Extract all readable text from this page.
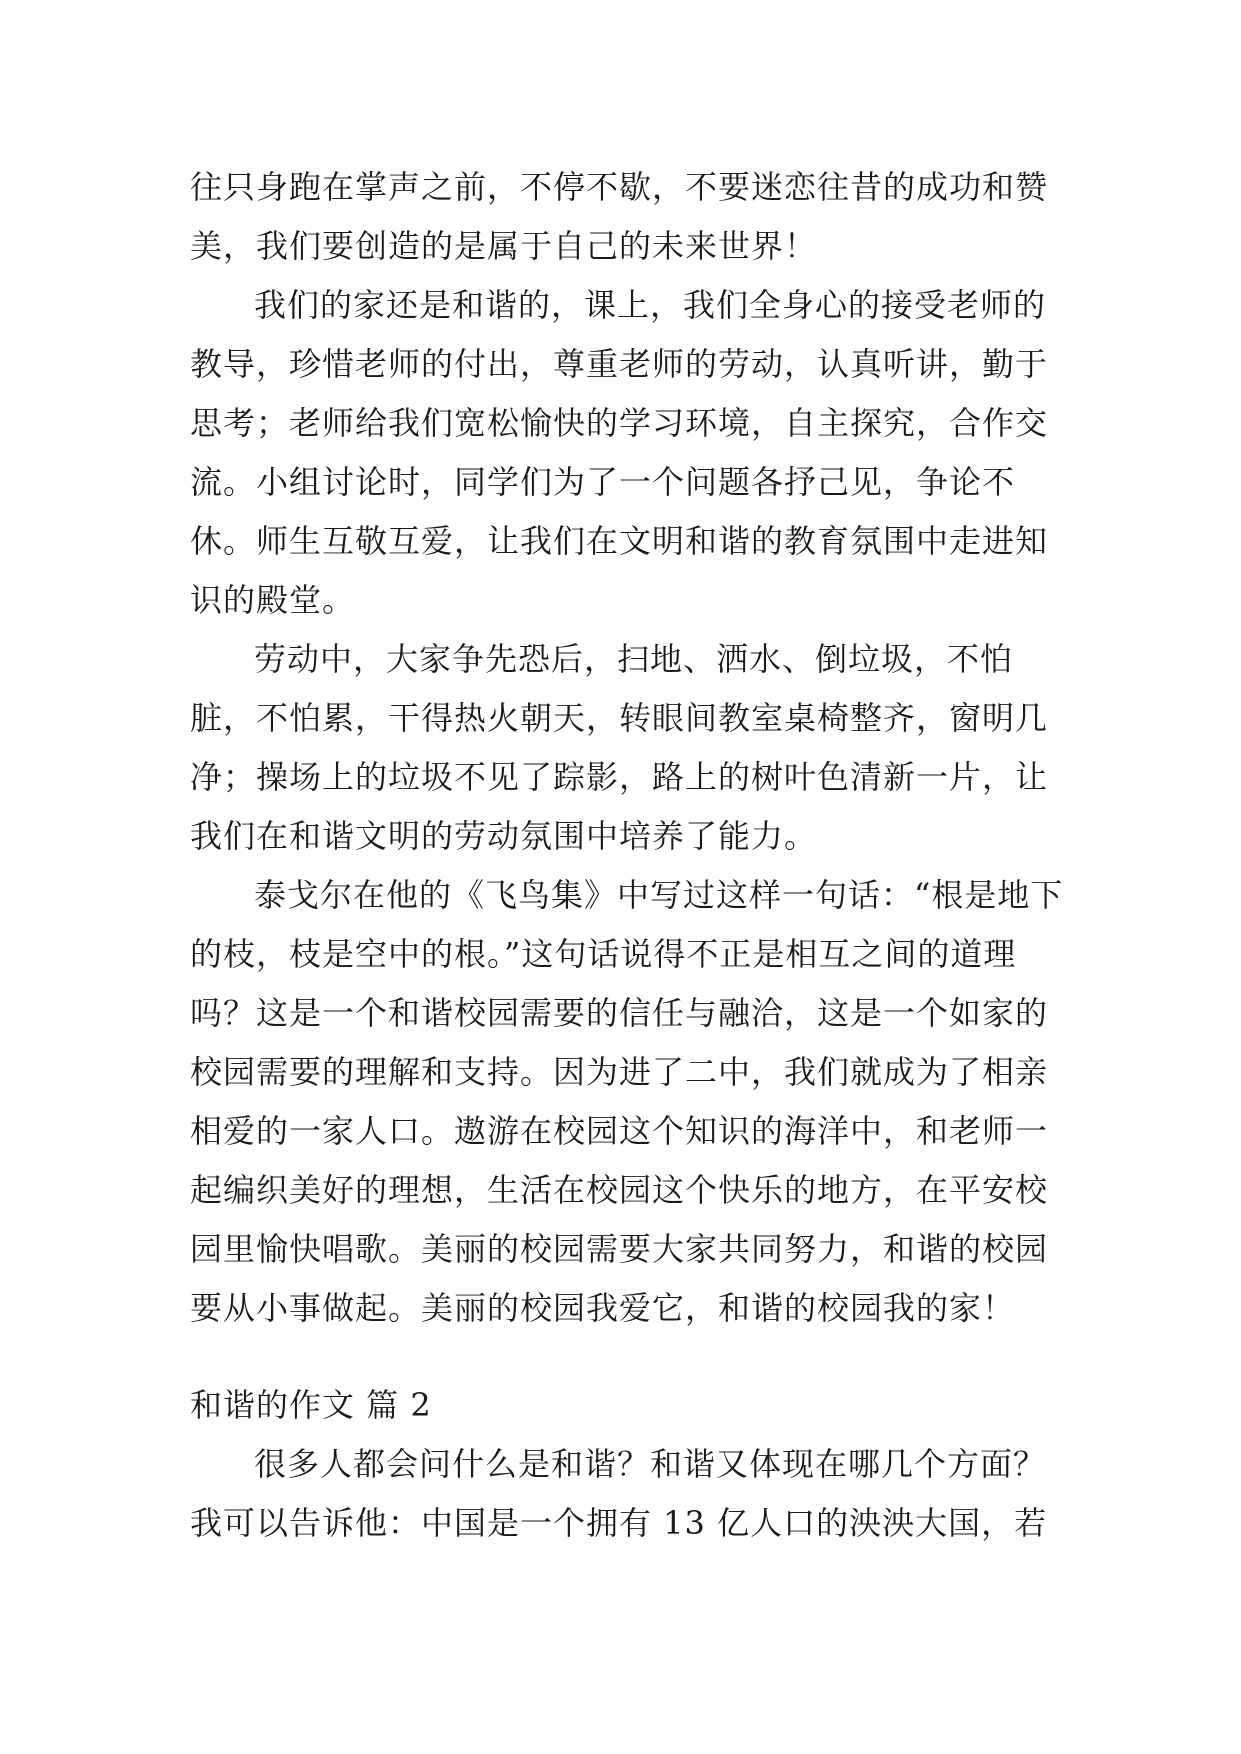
往只身跑在掌声之前，不停不歇，不要迷恋往昔的成功和赞美，我们要创造的是属于自己的未来世界！

我们的家还是和谐的，课上，我们全身心的接受老师的教导，珍惜老师的付出，尊重老师的劳动，认真听讲，勤于思考；老师给我们宽松愉快的学习环境，自主探究，合作交流。小组讨论时，同学们为了一个问题各抒己见，争论不休。师生互敬互爱，让我们在文明和谐的教育氛围中走进知识的殿堂。

劳动中，大家争先恐后，扫地、洒水、倒垃圾，不怕脏，不怕累，干得热火朝天，转眼间教室桌椅整齐，窗明几净；操场上的垃圾不见了踪影，路上的树叶色清新一片，让我们在和谐文明的劳动氛围中培养了能力。

泰戈尔在他的《飞鸟集》中写过这样一句话：“根是地下的枝，枝是空中的根。”这句话说得不正是相互之间的道理吗？这是一个和谐校园需要的信任与融洽，这是一个如家的校园需要的理解和支持。因为进了二中，我们就成为了相亲相爱的一家人口。遨游在校园这个知识的海洋中，和老师一起编织美好的理想，生活在校园这个快乐的地方，在平安校园里愉快唱歌。美丽的校园需要大家共同努力，和谐的校园要从小事做起。美丽的校园我爱它，和谐的校园我的家！

和谐的作文 篇 2

很多人都会问什么是和谐？和谐又体现在哪几个方面？我可以告诉他：中国是一个拥有 13 亿人口的泱泱大国，若
